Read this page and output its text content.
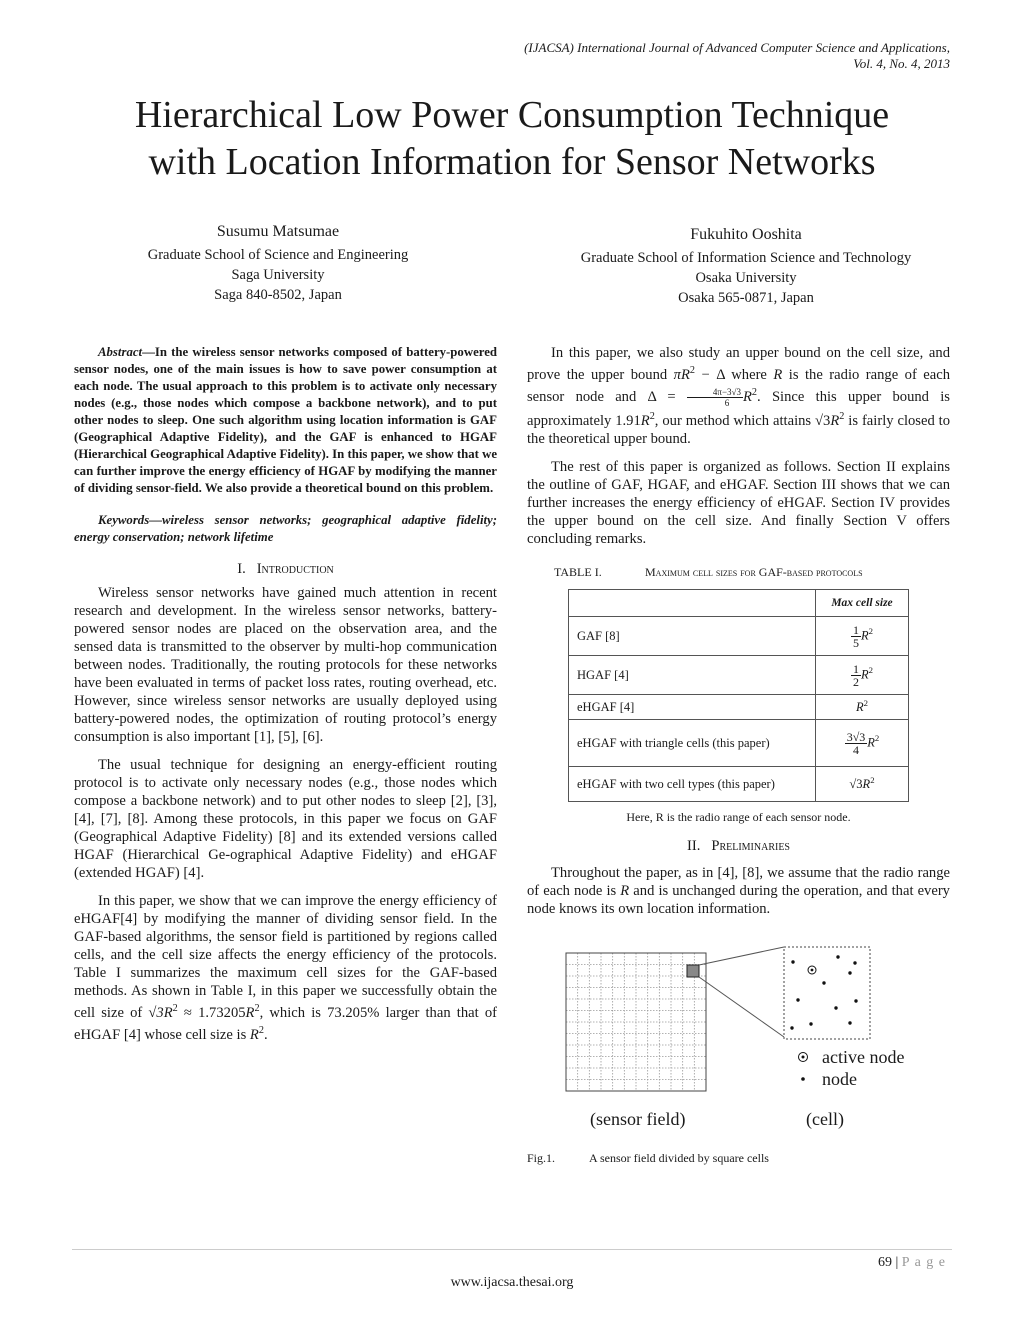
(IJACSA) International Journal of Advanced Computer Science and Applications,
Vol. 4, No. 4, 2013
Hierarchical Low Power Consumption Technique
with Location Information for Sensor Networks
Susumu Matsumae
Graduate School of Science and Engineering
Saga University
Saga 840-8502, Japan
Fukuhito Ooshita
Graduate School of Information Science and Technology
Osaka University
Osaka 565-0871, Japan
Abstract—In the wireless sensor networks composed of battery-powered sensor nodes, one of the main issues is how to save power consumption at each node. The usual approach to this problem is to activate only necessary nodes (e.g., those nodes which compose a backbone network), and to put other nodes to sleep. One such algorithm using location information is GAF (Geographical Adaptive Fidelity), and the GAF is enhanced to HGAF (Hierarchical Geographical Adaptive Fidelity). In this paper, we show that we can further improve the energy efficiency of HGAF by modifying the manner of dividing sensor-field. We also provide a theoretical bound on this problem.
Keywords—wireless sensor networks; geographical adaptive fidelity; energy conservation; network lifetime
I. Introduction

Wireless sensor networks have gained much attention in recent research and development. In the wireless sensor networks, battery-powered sensor nodes are placed on the observation area, and the sensed data is transmitted to the observer by multi-hop communication between nodes. Traditionally, the routing protocols for these networks have been evaluated in terms of packet loss rates, routing overhead, etc. However, since wireless sensor networks are usually deployed using battery-powered nodes, the optimization of routing protocol’s energy consumption is also important [1], [5], [6].

The usual technique for designing an energy-efficient routing protocol is to activate only necessary nodes (e.g., those nodes which compose a backbone network) and to put other nodes to sleep [2], [3], [4], [7], [8]. Among these protocols, in this paper we focus on GAF (Geographical Adaptive Fidelity) [8] and its extended versions called HGAF (Hierarchical Ge-ographical Adaptive Fidelity) and eHGAF (extended HGAF) [4].

In this paper, we show that we can improve the energy efficiency of eHGAF[4] by modifying the manner of dividing sensor field. In the GAF-based algorithms, the sensor field is partitioned by regions called cells, and the cell size affects the energy efficiency of the protocols. Table I summarizes the maximum cell sizes for the GAF-based methods. As shown in Table I, in this paper we successfully obtain the cell size of $√3R^2 \approx 1.73205R^2$, which is 73.205% larger than that of eHGAF [4] whose cell size is $R^2$.

In this paper, we also study an upper bound on the cell size, and prove the upper bound $\pi R^2 - \Delta$ where R is the radio range of each sensor node and $\Delta = \frac{4\pi-3√3}{6} R^2$. Since this upper bound is approximately $1.91R^2$, our method which attains $√3R^2$ is fairly closed to the theoretical upper bound.

The rest of this paper is organized as follows. Section II explains the outline of GAF, HGAF, and eHGAF. Section III shows that we can further increases the energy efficiency of eHGAF. Section IV provides the upper bound on the cell size. And finally Section V offers concluding remarks.

TABLE I.	Maximum cell sizes for GAF-based protocols
	Max cell size
GAF [8]	$\frac{1}{5} R^2$
HGAF [4]	$\frac{1}{2} R^2$
eHGAF [4]	$R^2$
eHGAF with triangle cells (this paper)	$\frac{3√3}{4} R^2$
eHGAF with two cell types (this paper)	$√3R^2$
Here, R is the radio range of each sensor node.
II. Preliminaries

Throughout the paper, as in [4], [8], we assume that the radio range of each node is R and is unchanged during the operation, and that every node knows its own location information.

active node
node
(sensor field)	(cell)
Fig.1.	A sensor field divided by square cells
69 | P a g e
www.ijacsa.thesai.org
